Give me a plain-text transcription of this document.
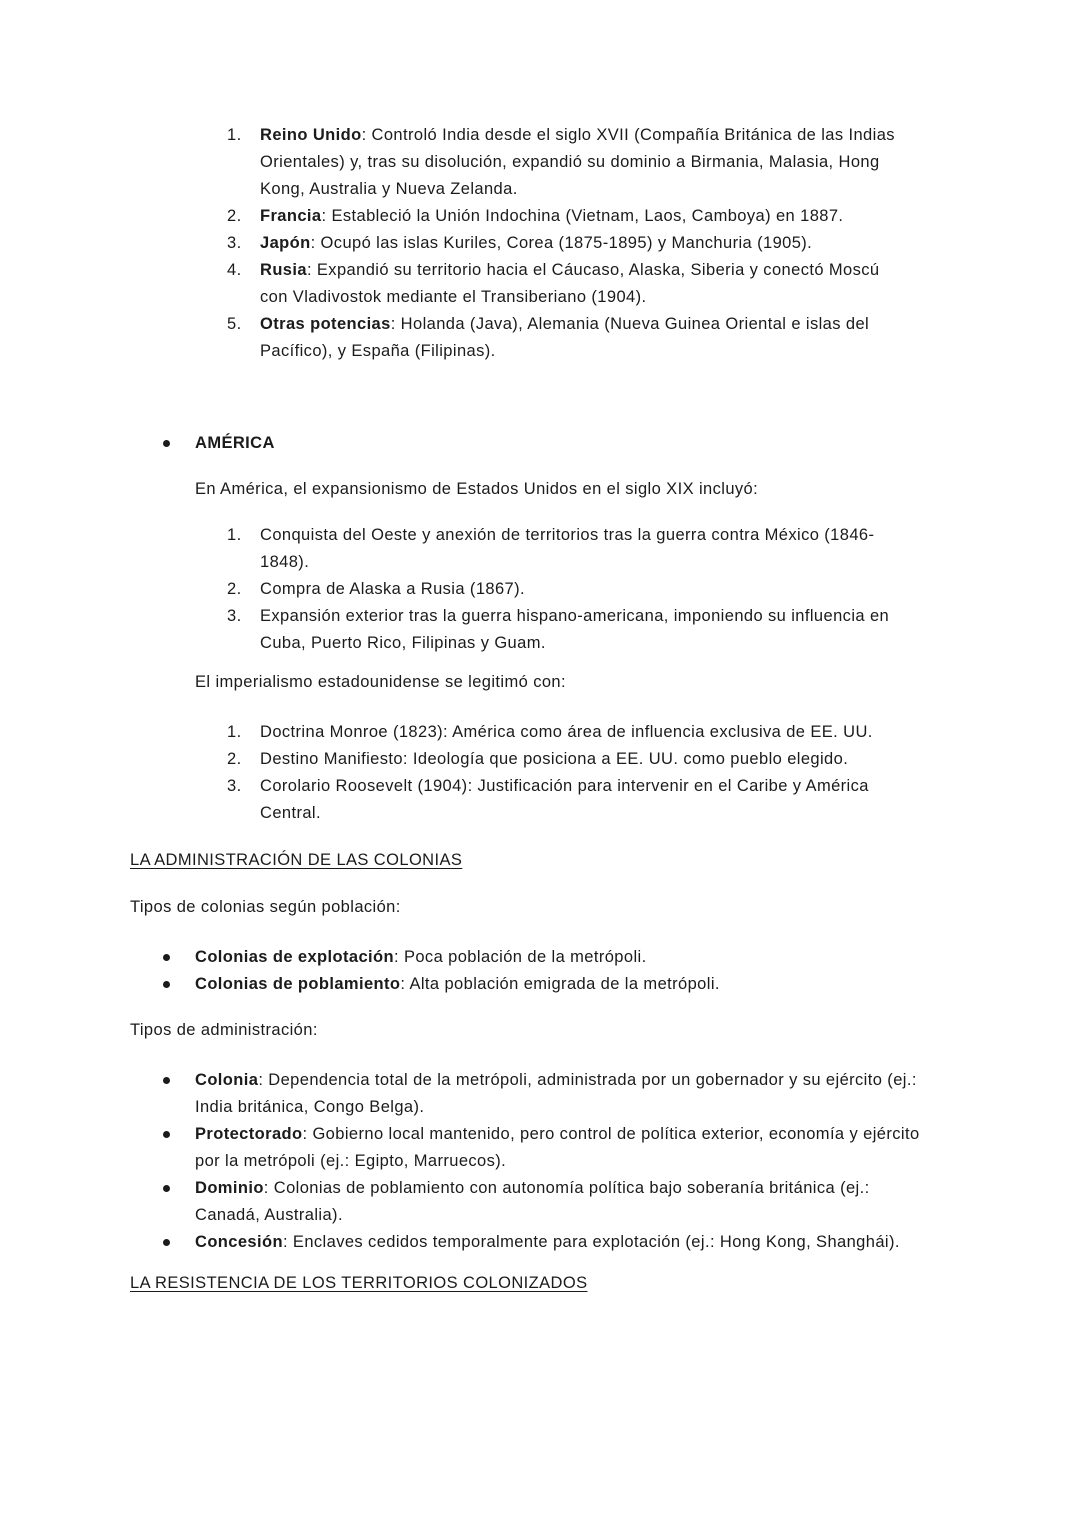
1.	Reino Unido: Controló India desde el siglo XVII (Compañía Británica de las Indias Orientales) y, tras su disolución, expandió su dominio a Birmania, Malasia, Hong Kong, Australia y Nueva Zelanda.
2.	Francia: Estableció la Unión Indochina (Vietnam, Laos, Camboya) en 1887.
3.	Japón: Ocupó las islas Kuriles, Corea (1875-1895) y Manchuria (1905).
4.	Rusia: Expandió su territorio hacia el Cáucaso, Alaska, Siberia y conectó Moscú con Vladivostok mediante el Transiberiano (1904).
5.	Otras potencias: Holanda (Java), Alemania (Nueva Guinea Oriental e islas del Pacífico), y España (Filipinas).
AMÉRICA

En América, el expansionismo de Estados Unidos en el siglo XIX incluyó:

1.	Conquista del Oeste y anexión de territorios tras la guerra contra México (1846-1848).
2.	Compra de Alaska a Rusia (1867).
3.	Expansión exterior tras la guerra hispano-americana, imponiendo su influencia en Cuba, Puerto Rico, Filipinas y Guam.

El imperialismo estadounidense se legitimó con:

1.	Doctrina Monroe (1823): América como área de influencia exclusiva de EE. UU.
2.	Destino Manifiesto: Ideología que posiciona a EE. UU. como pueblo elegido.
3.	Corolario Roosevelt (1904): Justificación para intervenir en el Caribe y América Central.

LA ADMINISTRACIÓN DE LAS COLONIAS

Tipos de colonias según población:

Colonias de explotación: Poca población de la metrópoli.
Colonias de poblamiento: Alta población emigrada de la metrópoli.

Tipos de administración:

Colonia: Dependencia total de la metrópoli, administrada por un gobernador y su ejército (ej.: India británica, Congo Belga).
Protectorado: Gobierno local mantenido, pero control de política exterior, economía y ejército por la metrópoli (ej.: Egipto, Marruecos).
Dominio: Colonias de poblamiento con autonomía política bajo soberanía británica (ej.: Canadá, Australia).
Concesión: Enclaves cedidos temporalmente para explotación (ej.: Hong Kong, Shanghái).

LA RESISTENCIA DE LOS TERRITORIOS COLONIZADOS
